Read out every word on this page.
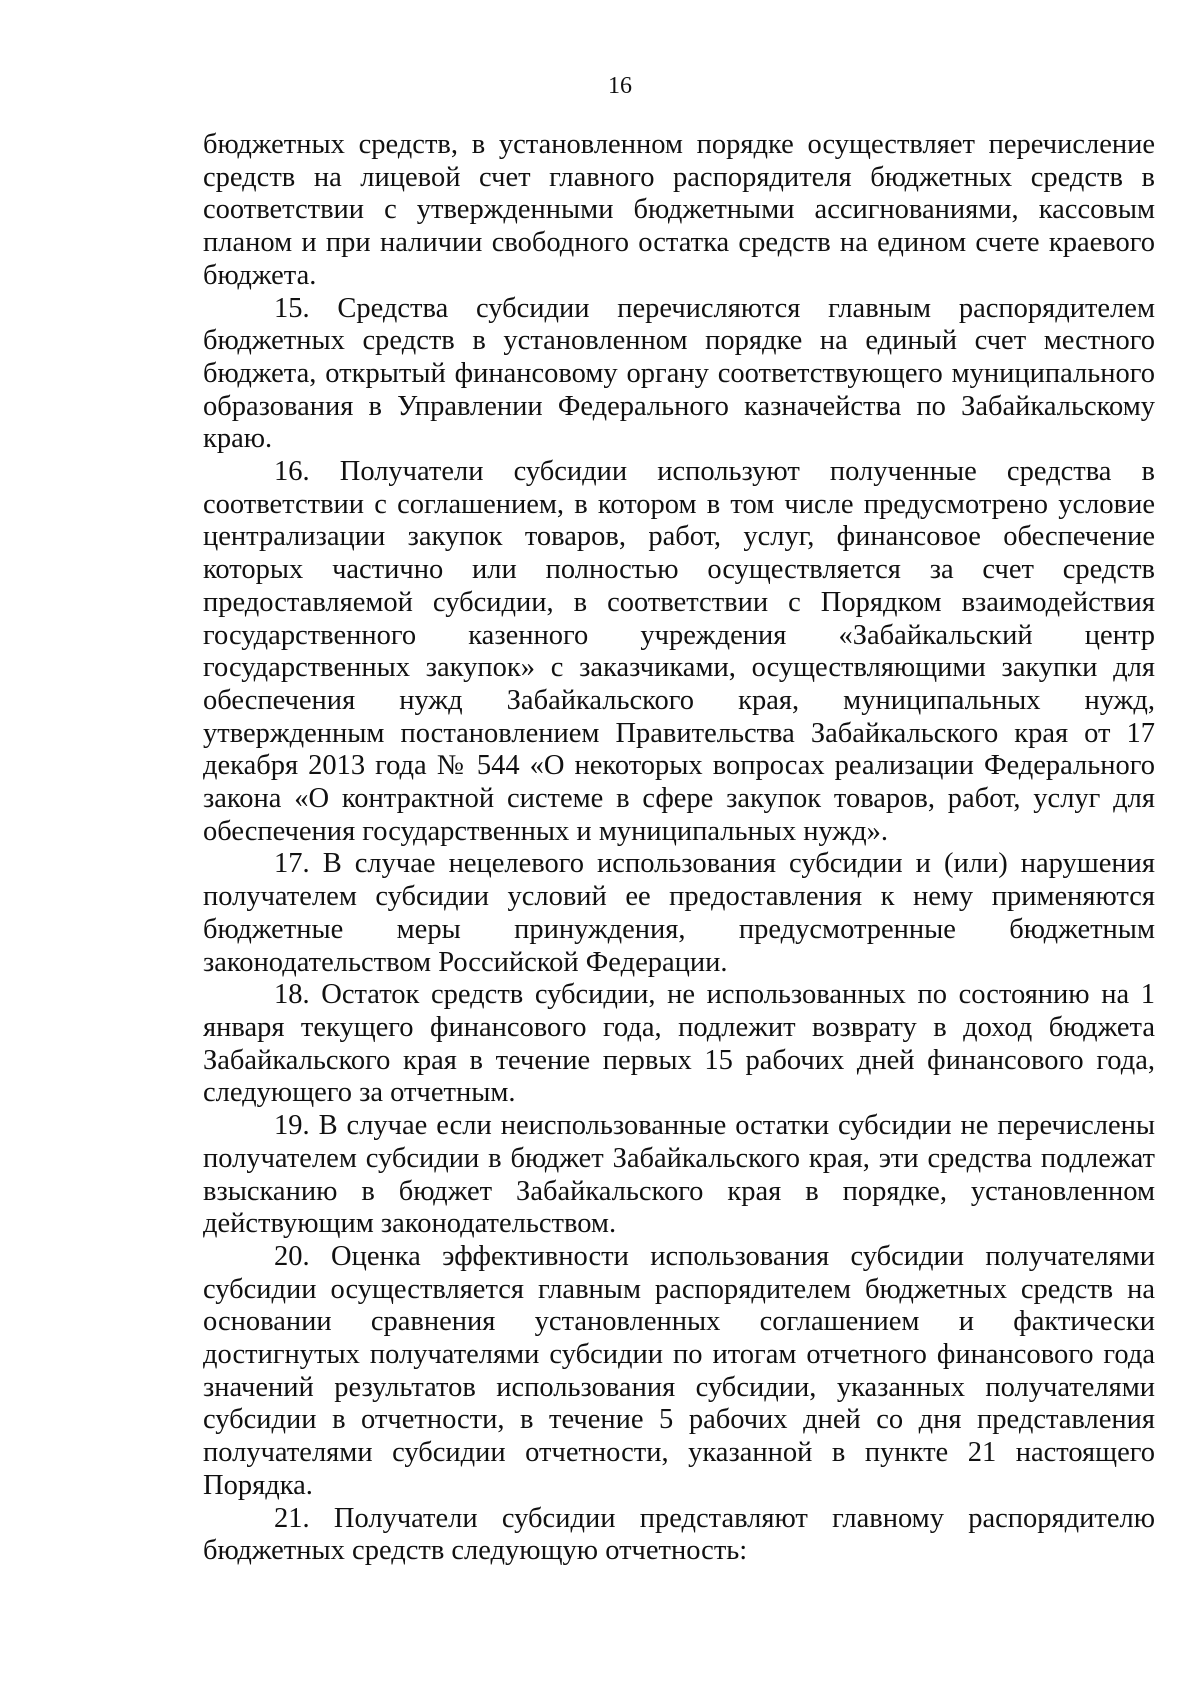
16

бюджетных средств, в установленном порядке осуществляет перечисление средств на лицевой счет главного распорядителя бюджетных средств в соответствии с утвержденными бюджетными ассигнованиями, кассовым планом и при наличии свободного остатка средств на едином счете краевого бюджета.

15. Средства субсидии перечисляются главным распорядителем бюджетных средств в установленном порядке на единый счет местного бюджета, открытый финансовому органу соответствующего муниципального образования в Управлении Федерального казначейства по Забайкальскому краю.

16. Получатели субсидии используют полученные средства в соответствии с соглашением, в котором в том числе предусмотрено условие централизации закупок товаров, работ, услуг, финансовое обеспечение которых частично или полностью осуществляется за счет средств предоставляемой субсидии, в соответствии с Порядком взаимодействия государственного казенного учреждения «Забайкальский центр государственных закупок» с заказчиками, осуществляющими закупки для обеспечения нужд Забайкальского края, муниципальных нужд, утвержденным постановлением Правительства Забайкальского края от 17 декабря 2013 года № 544 «О некоторых вопросах реализации Федерального закона «О контрактной системе в сфере закупок товаров, работ, услуг для обеспечения государственных и муниципальных нужд».

17. В случае нецелевого использования субсидии и (или) нарушения получателем субсидии условий ее предоставления к нему применяются бюджетные меры принуждения, предусмотренные бюджетным законодательством Российской Федерации.

18. Остаток средств субсидии, не использованных по состоянию на 1 января текущего финансового года, подлежит возврату в доход бюджета Забайкальского края в течение первых 15 рабочих дней финансового года, следующего за отчетным.

19. В случае если неиспользованные остатки субсидии не перечислены получателем субсидии в бюджет Забайкальского края, эти средства подлежат взысканию в бюджет Забайкальского края в порядке, установленном действующим законодательством.

20. Оценка эффективности использования субсидии получателями субсидии осуществляется главным распорядителем бюджетных средств на основании сравнения установленных соглашением и фактически достигнутых получателями субсидии по итогам отчетного финансового года значений результатов использования субсидии, указанных получателями субсидии в отчетности, в течение 5 рабочих дней со дня представления получателями субсидии отчетности, указанной в пункте 21 настоящего Порядка.

21. Получатели субсидии представляют главному распорядителю бюджетных средств следующую отчетность:
